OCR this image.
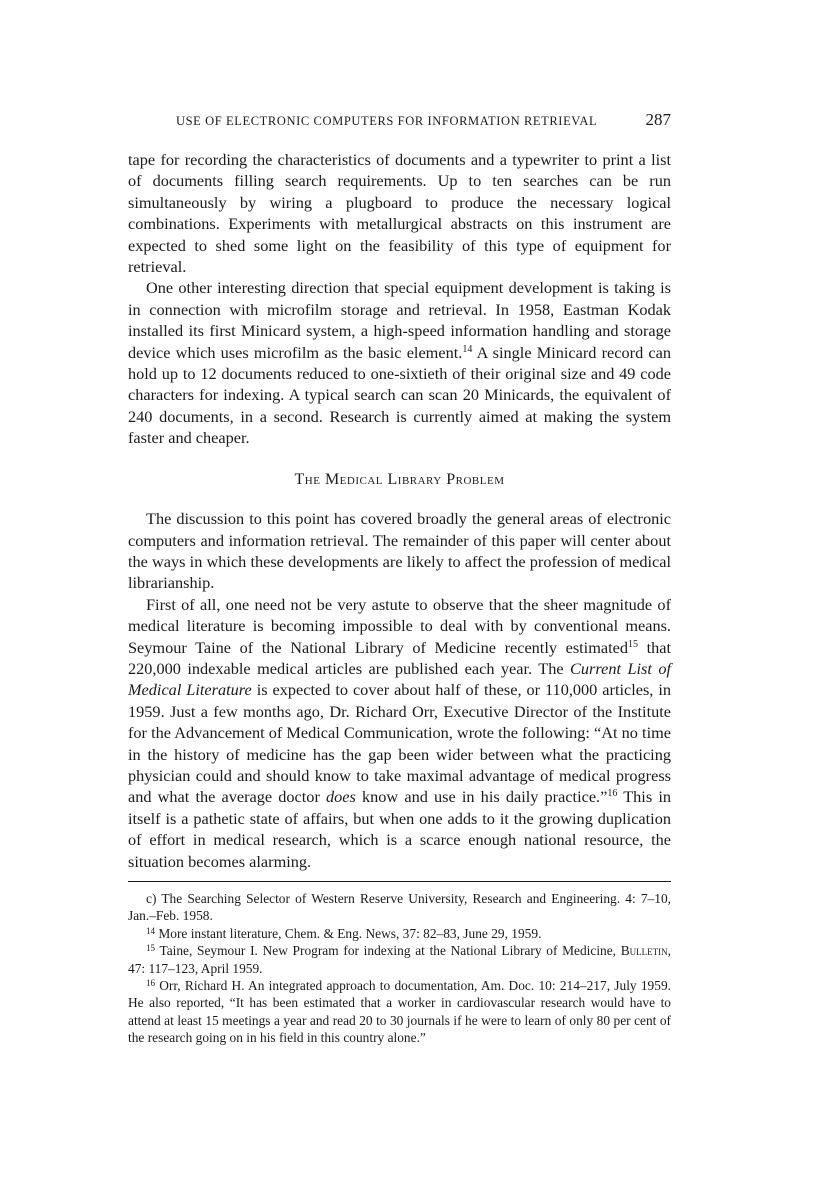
USE OF ELECTRONIC COMPUTERS FOR INFORMATION RETRIEVAL	287

tape for recording the characteristics of documents and a typewriter to print a list of documents filling search requirements. Up to ten searches can be run simultaneously by wiring a plugboard to produce the necessary logical combinations. Experiments with metallurgical abstracts on this instrument are expected to shed some light on the feasibility of this type of equipment for retrieval.

One other interesting direction that special equipment development is taking is in connection with microfilm storage and retrieval. In 1958, Eastman Kodak installed its first Minicard system, a high-speed information handling and storage device which uses microfilm as the basic element.$^{14}$ A single Minicard record can hold up to 12 documents reduced to one-sixtieth of their original size and 49 code characters for indexing. A typical search can scan 20 Minicards, the equivalent of 240 documents, in a second. Research is currently aimed at making the system faster and cheaper.

The Medical Library Problem

The discussion to this point has covered broadly the general areas of electronic computers and information retrieval. The remainder of this paper will center about the ways in which these developments are likely to affect the profession of medical librarianship.

First of all, one need not be very astute to observe that the sheer magnitude of medical literature is becoming impossible to deal with by conventional means. Seymour Taine of the National Library of Medicine recently estimated$^{15}$ that 220,000 indexable medical articles are published each year. The Current List of Medical Literature is expected to cover about half of these, or 110,000 articles, in 1959. Just a few months ago, Dr. Richard Orr, Executive Director of the Institute for the Advancement of Medical Communication, wrote the following: “At no time in the history of medicine has the gap been wider between what the practicing physician could and should know to take maximal advantage of medical progress and what the average doctor does know and use in his daily practice.”$^{16}$ This in itself is a pathetic state of affairs, but when one adds to it the growing duplication of effort in medical research, which is a scarce enough national resource, the situation becomes alarming.

c) The Searching Selector of Western Reserve University, Research and Engineering. 4: 7–10, Jan.–Feb. 1958.

$^{14}$ More instant literature, Chem. & Eng. News, 37: 82–83, June 29, 1959.

$^{15}$ Taine, Seymour I. New Program for indexing at the National Library of Medicine, Bulletin, 47: 117–123, April 1959.

$^{16}$ Orr, Richard H. An integrated approach to documentation, Am. Doc. 10: 214–217, July 1959. He also reported, “It has been estimated that a worker in cardiovascular research would have to attend at least 15 meetings a year and read 20 to 30 journals if he were to learn of only 80 per cent of the research going on in his field in this country alone.”
